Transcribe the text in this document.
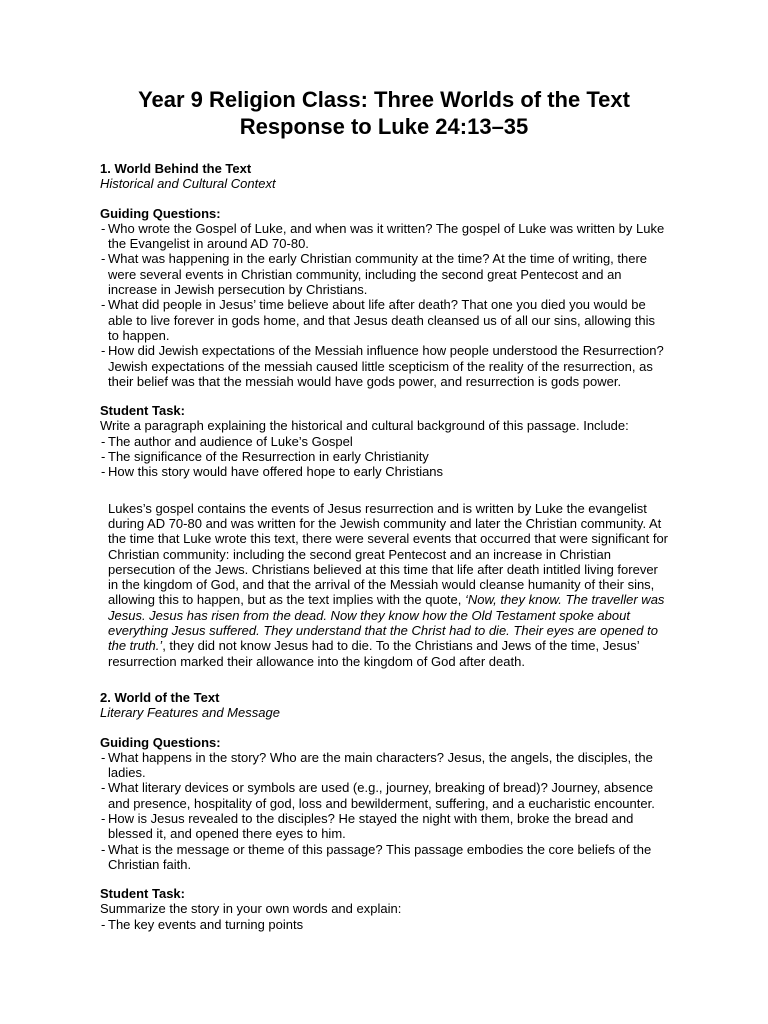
Year 9 Religion Class: Three Worlds of the Text
Response to Luke 24:13–35

1. World Behind the Text

Historical and Cultural Context

Guiding Questions:

- Who wrote the Gospel of Luke, and when was it written? The gospel of Luke was written by Luke the Evangelist in around AD 70-80.
- What was happening in the early Christian community at the time? At the time of writing, there were several events in Christian community, including the second great Pentecost and an increase in Jewish persecution by Christians.
- What did people in Jesus’ time believe about life after death? That one you died you would be able to live forever in gods home, and that Jesus death cleansed us of all our sins, allowing this to happen.
- How did Jewish expectations of the Messiah influence how people understood the Resurrection? Jewish expectations of the messiah caused little scepticism of the reality of the resurrection, as their belief was that the messiah would have gods power, and resurrection is gods power.

Student Task:

Write a paragraph explaining the historical and cultural background of this passage. Include:

- The author and audience of Luke’s Gospel
- The significance of the Resurrection in early Christianity
- How this story would have offered hope to early Christians

Lukes’s gospel contains the events of Jesus resurrection and is written by Luke the evangelist during AD 70-80 and was written for the Jewish community and later the Christian community. At the time that Luke wrote this text, there were several events that occurred that were significant for Christian community: including the second great Pentecost and an increase in Christian persecution of the Jews. Christians believed at this time that life after death intitled living forever in the kingdom of God, and that the arrival of the Messiah would cleanse humanity of their sins, allowing this to happen, but as the text implies with the quote, ‘Now, they know. The traveller was Jesus. Jesus has risen from the dead. Now they know how the Old Testament spoke about everything Jesus suffered. They understand that the Christ had to die. Their eyes are opened to the truth.’, they did not know Jesus had to die. To the Christians and Jews of the time, Jesus’ resurrection marked their allowance into the kingdom of God after death.

2. World of the Text

Literary Features and Message

Guiding Questions:

- What happens in the story? Who are the main characters? Jesus, the angels, the disciples, the ladies.
- What literary devices or symbols are used (e.g., journey, breaking of bread)? Journey, absence and presence, hospitality of god, loss and bewilderment, suffering, and a eucharistic encounter.
- How is Jesus revealed to the disciples? He stayed the night with them, broke the bread and blessed it, and opened there eyes to him.
- What is the message or theme of this passage? This passage embodies the core beliefs of the Christian faith.

Student Task:

Summarize the story in your own words and explain:

- The key events and turning points
